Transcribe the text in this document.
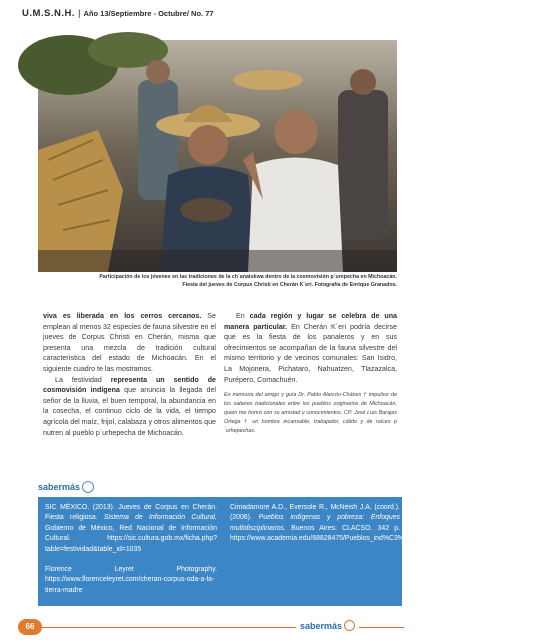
U.M.S.N.H. | Año 13/Septiembre - Octubre/ No. 77
Participación de los jóvenes en las tradiciones de la ch´anatskwa dentro de la cosmovisión p´urepecha en Michoacán.
Fiesta del jueves de Corpus Christi en Cherán K´eri. Fotografía de Enrique Granados.

viva es liberada en los cerros cercanos. Se emplean al menos 32 especies de fauna silvestre en el jueves de Corpus Christi en Cherán, misma que presenta una mezcla de tradición cultural característica del estado de Michoacán. En el siguiente cuadro te las mostramos.

La festividad representa un sentido de cosmovisión indígena que anuncia la llegada del señor de la lluvia, el buen temporal, la abundancia en la cosecha, el continuo ciclo de la vida, el tiempo agrícola del maíz, frijol, calabaza y otros alimentos que nutren al pueblo p´urhepecha de Michoacán.

En cada región y lugar se celebra de una manera particular. En Cherán K´eri podría decirse que es la fiesta de los panaleros y en sus ofrecimientos se acompañan de la fauna silvestre del mismo territorio y de vecinos comunales: San Isidro, La Mojonera, Pichataro, Nahuatzen, Tlazazalca, Purépero, Comachuén.

En memoria del amigo y guía Dr. Pablo Alarcón-Cháires † impulsor de los saberes tradicionales entre los pueblos originarios de Michoacán, quien me honró con su amistad y conocimientos. CP. José Luis Barajas Ortega † un hombre incansable, trabajador, cálido y de raíces p´urhepechas.

sabermás

SIC MÉXICO. (2013). Jueves de Corpus en Cherán. Fiesta religiosa. Sistema de Información Cultural, Gobierno de México, Red Nacional de Información Cultural. https://sic.cultura.gob.mx/ficha.php?table=festividad&table_id=1035

Florence Leyret Photography. https://www.florenceleyret.com/cheran-corpus-oda-a-la-tierra-madre

Cimadamore A.D., Eversole R., McNeish J.A. (coord.). (2006). Pueblos indígenas y pobreza: Enfoques multidisciplinarios. Buenos Aires: CLACSO. 342 p. https://www.academia.edu/68828475/Pueblos_ind%C3%ADgenas_y_pobreza_enfoques_multidisciplinarios

66	sabermás
